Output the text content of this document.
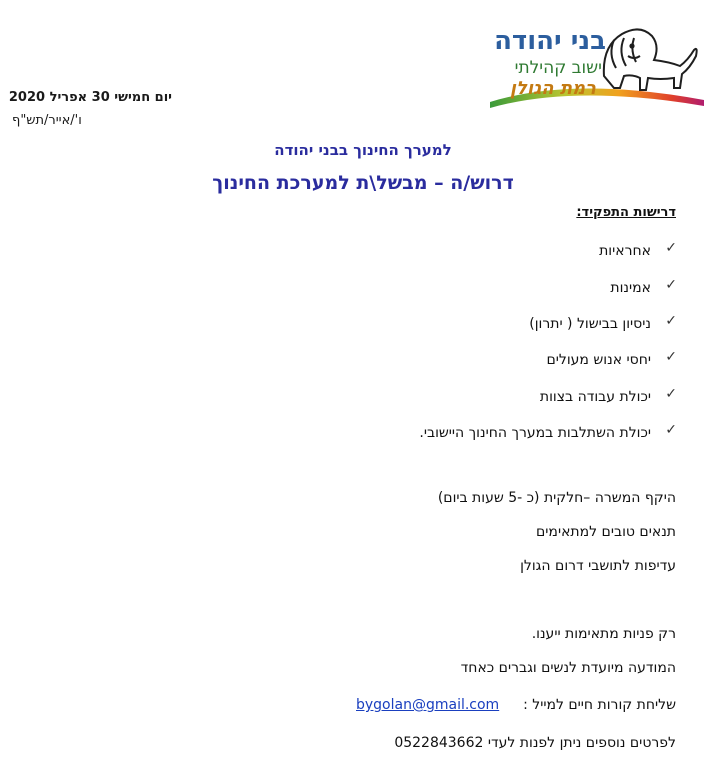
בני יהודה
ישוב קהילתי
רמת הגולן
יום חמישי 30 אפריל 2020
ו'/אייר/תש"ף
למערך החינוך בבני יהודה
דרוש/ה – מבשל\ת למערכת החינוך
דרישות התפקיד:
✓
אחראיות
✓
אמינות
✓
ניסיון בבישול ( יתרון)
✓
יחסי אנוש מעולים
✓
יכולת עבודה בצוות
✓
יכולת השתלבות במערך החינוך היישובי.
היקף המשרה –חלקית (כ -5 שעות ביום)
תנאים טובים למתאימים
עדיפות לתושבי דרום הגולן
רק פניות מתאימות ייענו.
המודעה מיועדת לנשים וגברים כאחד
שליחת קורות חיים למייל :
bygolan@gmail.com
לפרטים נוספים ניתן לפנות לעדי 0522843662
